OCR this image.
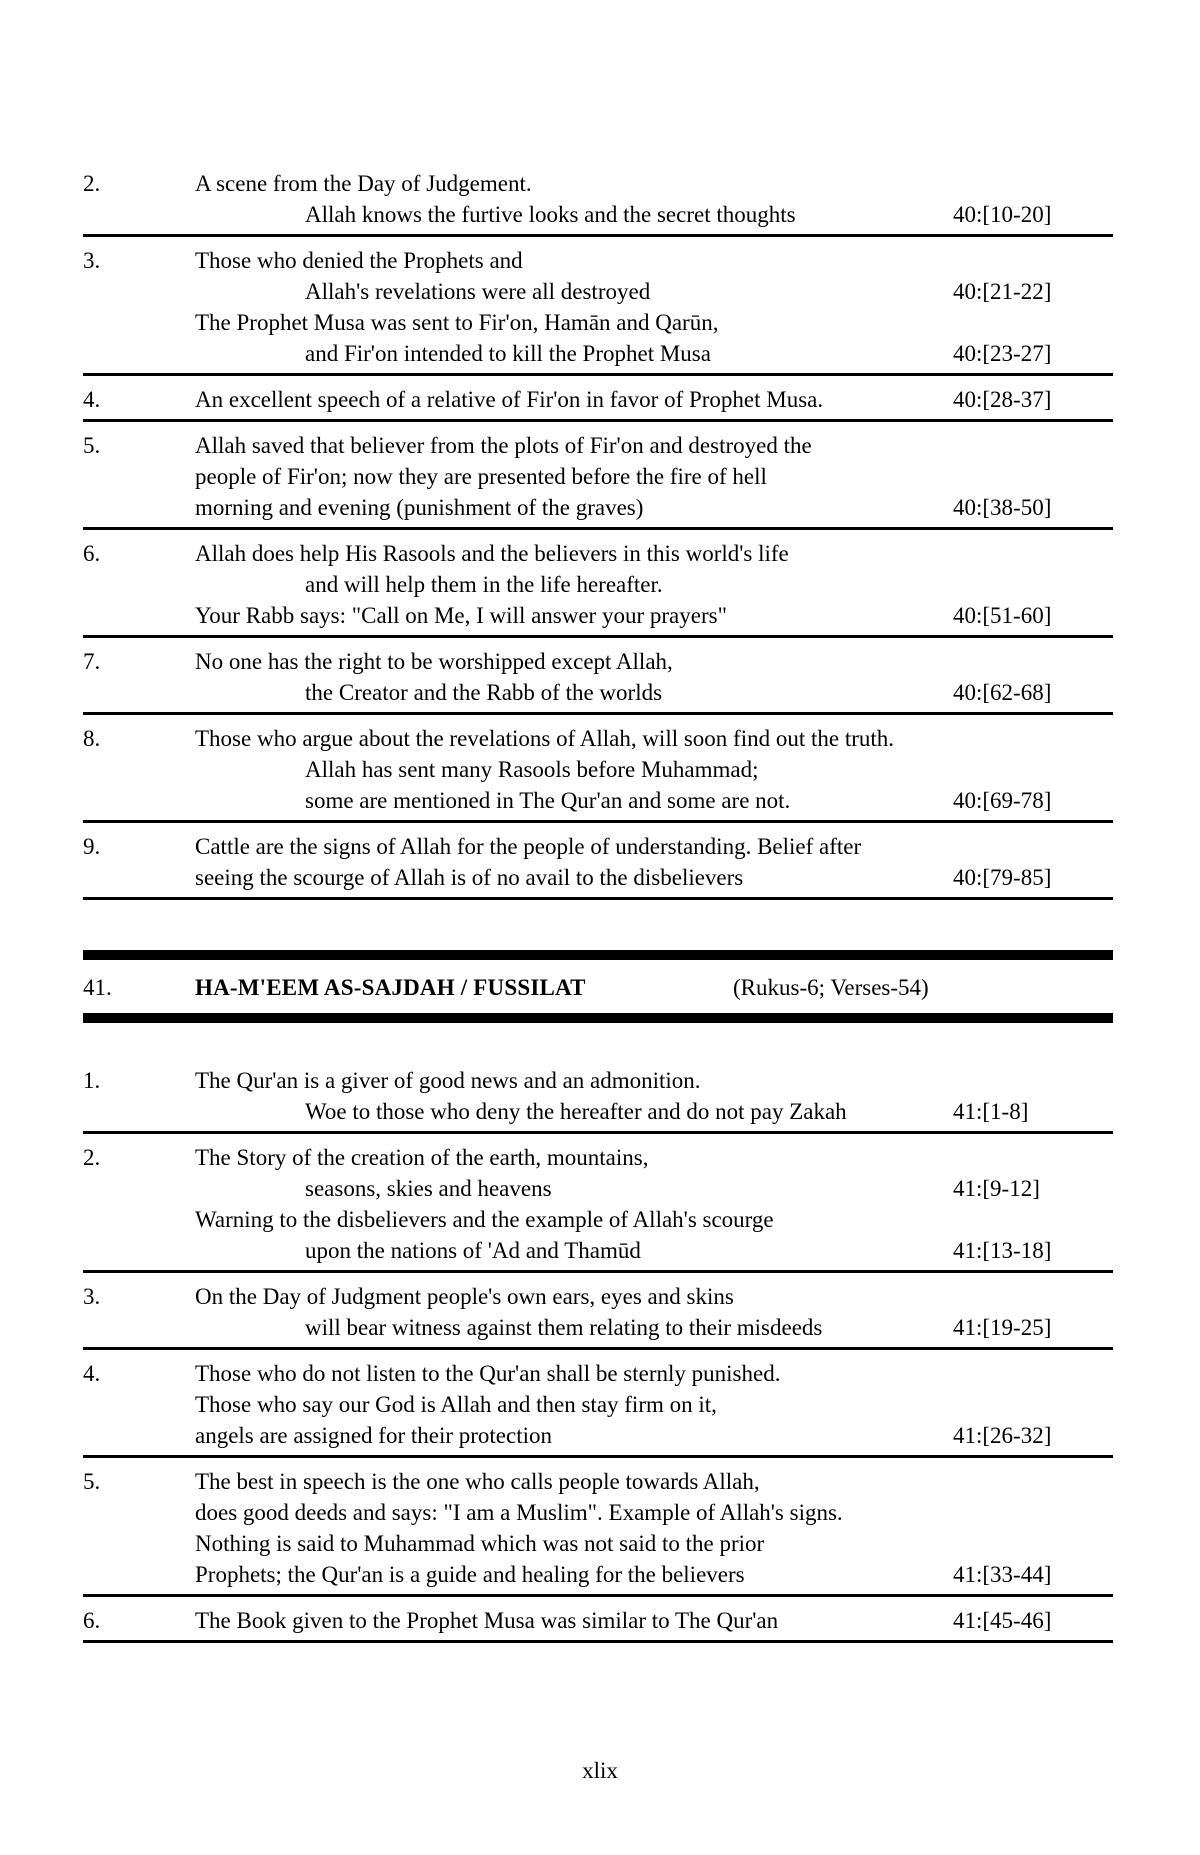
2.	A scene from the Day of Judgement.
Allah knows the furtive looks and the secret thoughts	40:[10-20]
3.	Those who denied the Prophets and
Allah's revelations were all destroyed	40:[21-22]
The Prophet Musa was sent to Fir'on, Hamān and Qarūn,
and Fir'on intended to kill the Prophet Musa	40:[23-27]
4.	An excellent speech of a relative of Fir'on in favor of Prophet Musa.	40:[28-37]
5.	Allah saved that believer from the plots of Fir'on and destroyed the
people of Fir'on; now they are presented before the fire of hell
morning and evening (punishment of the graves)	40:[38-50]
6.	Allah does help His Rasools and the believers in this world's life
and will help them in the life hereafter.
Your Rabb says: "Call on Me, I will answer your prayers"	40:[51-60]
7.	No one has the right to be worshipped except Allah,
the Creator and the Rabb of the worlds	40:[62-68]
8.	Those who argue about the revelations of Allah, will soon find out the truth.
Allah has sent many Rasools before Muhammad;
some are mentioned in The Qur'an and some are not.	40:[69-78]
9.	Cattle are the signs of Allah for the people of understanding. Belief after
seeing the scourge of Allah is of no avail to the disbelievers	40:[79-85]
41.	HA-M'EEM AS-SAJDAH / FUSSILAT	(Rukus-6; Verses-54)
1.	The Qur'an is a giver of good news and an admonition.
Woe to those who deny the hereafter and do not pay Zakah	41:[1-8]
2.	The Story of the creation of the earth, mountains,
seasons, skies and heavens	41:[9-12]
Warning to the disbelievers and the example of Allah's scourge
upon the nations of 'Ad and Thamūd	41:[13-18]
3.	On the Day of Judgment people's own ears, eyes and skins
will bear witness against them relating to their misdeeds	41:[19-25]
4.	Those who do not listen to the Qur'an shall be sternly punished.
Those who say our God is Allah and then stay firm on it,
angels are assigned for their protection	41:[26-32]
5.	The best in speech is the one who calls people towards Allah,
does good deeds and says: "I am a Muslim". Example of Allah's signs.
Nothing is said to Muhammad which was not said to the prior
Prophets; the Qur'an is a guide and healing for the believers	41:[33-44]
6.	The Book given to the Prophet Musa was similar to The Qur'an	41:[45-46]
xlix
